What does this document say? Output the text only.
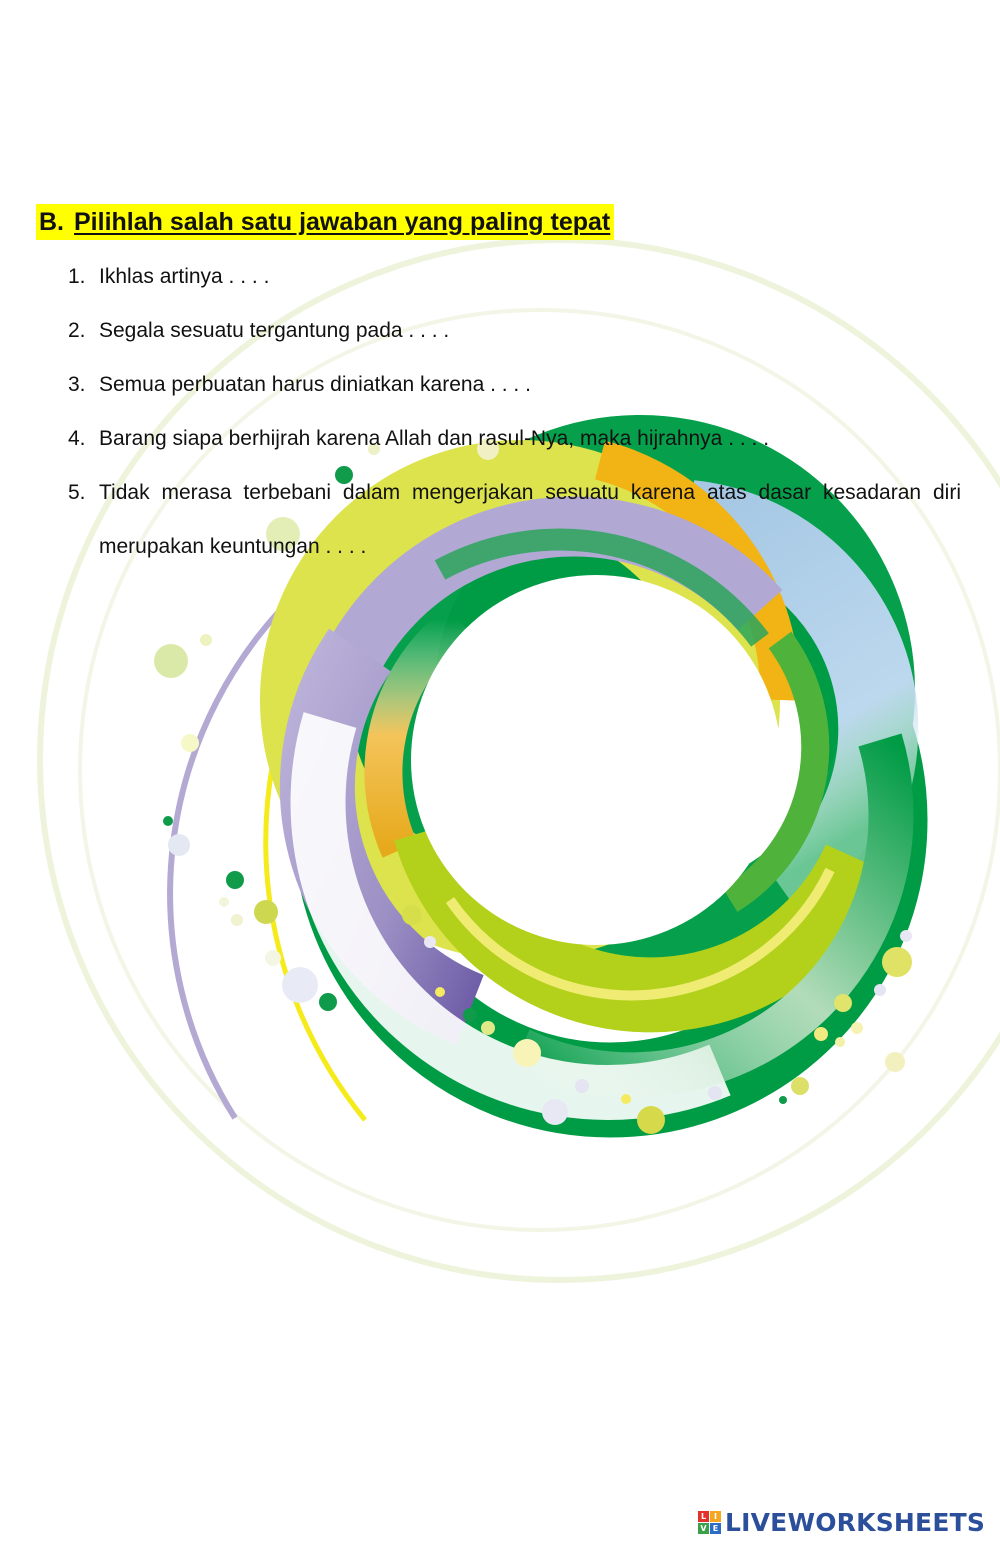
B. Pilihlah salah satu jawaban yang paling tepat
1. Ikhlas artinya . . . .
2. Segala sesuatu tergantung pada . . . .
3. Semua perbuatan harus diniatkan karena . . . .
4. Barang siapa berhijrah karena Allah dan rasul-Nya, maka hijrahnya . . . .
5. Tidak merasa terbebani dalam mengerjakan sesuatu karena atas dasar kesadaran diri merupakan keuntungan . . . .
L I
V E LIVEWORKSHEETS
